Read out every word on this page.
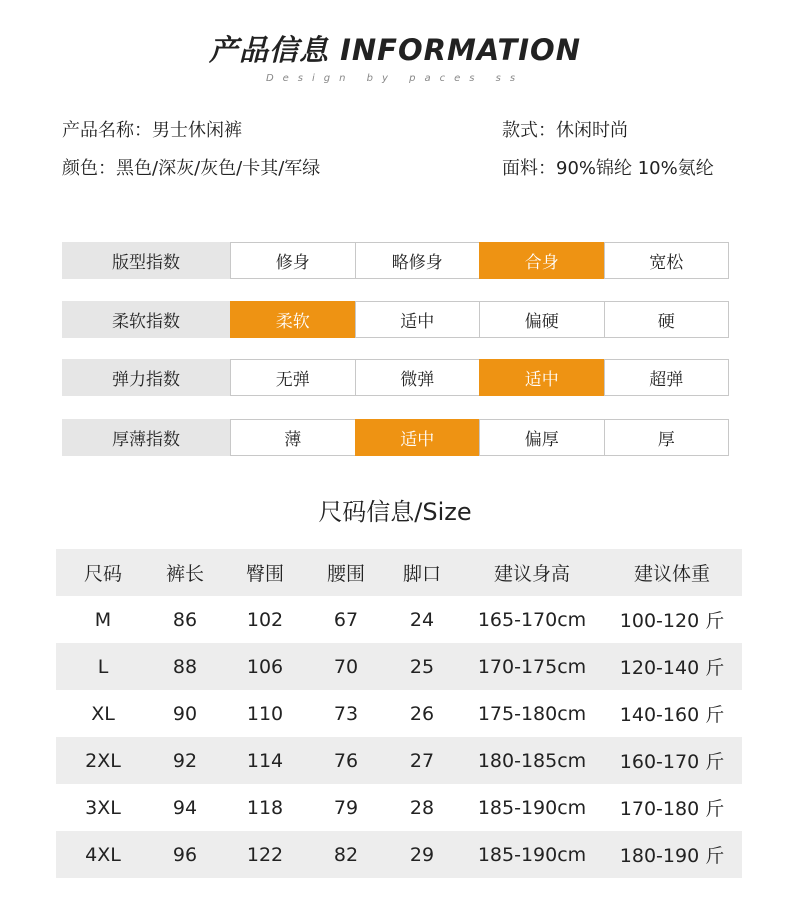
产品信息 INFORMATION
Design by paces ss
产品名称：男士休闲裤	款式：休闲时尚
颜色：黑色/深灰/灰色/卡其/军绿	面料：90%锦纶 10%氨纶
版型指数	修身	略修身	合身	宽松
柔软指数	柔软	适中	偏硬	硬
弹力指数	无弹	微弹	适中	超弹
厚薄指数	薄	适中	偏厚	厚
尺码信息/Size
尺码	裤长	臀围	腰围	脚口	建议身高	建议体重
M	86	102	67	24	165-170cm	100-120 斤
L	88	106	70	25	170-175cm	120-140 斤
XL	90	110	73	26	175-180cm	140-160 斤
2XL	92	114	76	27	180-185cm	160-170 斤
3XL	94	118	79	28	185-190cm	170-180 斤
4XL	96	122	82	29	185-190cm	180-190 斤
